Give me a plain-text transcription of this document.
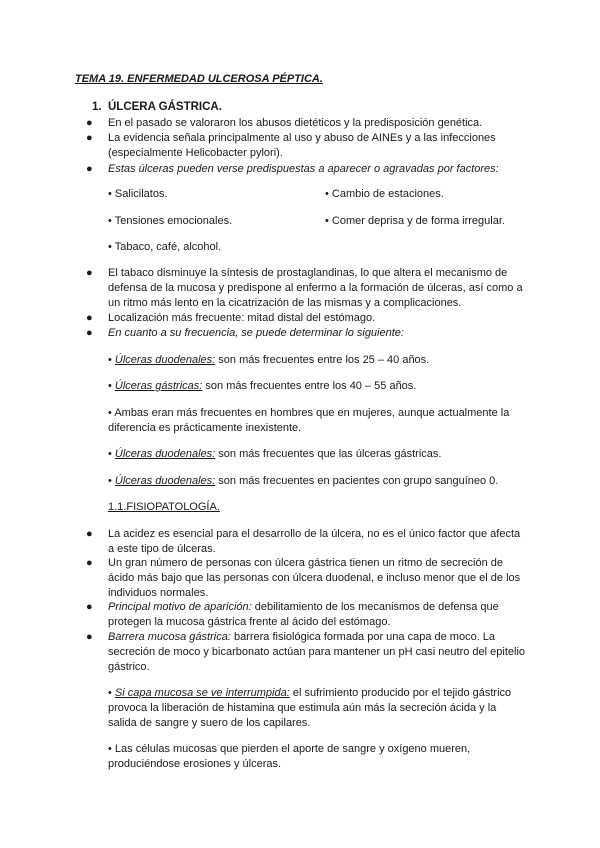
TEMA 19. ENFERMEDAD ULCEROSA PÉPTICA.
1. ÚLCERA GÁSTRICA.
● En el pasado se valoraron los abusos dietéticos y la predisposición genética.
● La evidencia señala principalmente al uso y abuso de AINEs y a las infecciones (especialmente Helicobacter pylori).
● Estas úlceras pueden verse predispuestas a aparecer o agravadas por factores:
• Salicilatos.
• Tensiones emocionales.
• Tabaco, café, alcohol.
• Cambio de estaciones.
• Comer deprisa y de forma irregular.
● El tabaco disminuye la síntesis de prostaglandinas, lo que altera el mecanismo de defensa de la mucosa y predispone al enfermo a la formación de úlceras, así como a un ritmo más lento en la cicatrización de las mismas y a complicaciones.
● Localización más frecuente: mitad distal del estómago.
● En cuanto a su frecuencia, se puede determinar lo siguiente:
• Úlceras duodenales: son más frecuentes entre los 25 – 40 años.
• Úlceras gástricas: son más frecuentes entre los 40 – 55 años.
• Ambas eran más frecuentes en hombres que en mujeres, aunque actualmente la diferencia es prácticamente inexistente.
• Úlceras duodenales: son más frecuentes que las úlceras gástricas.
• Úlceras duodenales: son más frecuentes en pacientes con grupo sanguíneo 0.
1.1.FISIOPATOLOGÍA.
● La acidez es esencial para el desarrollo de la úlcera, no es el único factor que afecta a este tipo de úlceras.
● Un gran número de personas con úlcera gástrica tienen un ritmo de secreción de ácido más bajo que las personas con úlcera duodenal, e incluso menor que el de los individuos normales.
● Principal motivo de aparición: debilitamiento de los mecanismos de defensa que protegen la mucosa gástrica frente al ácido del estómago.
● Barrera mucosa gástrica: barrera fisiológica formada por una capa de moco. La secreción de moco y bicarbonato actúan para mantener un pH casi neutro del epitelio gástrico.
• Si capa mucosa se ve interrumpida: el sufrimiento producido por el tejido gástrico provoca la liberación de histamina que estimula aún más la secreción ácida y la salida de sangre y suero de los capilares.
• Las células mucosas que pierden el aporte de sangre y oxígeno mueren, produciéndose erosiones y úlceras.
